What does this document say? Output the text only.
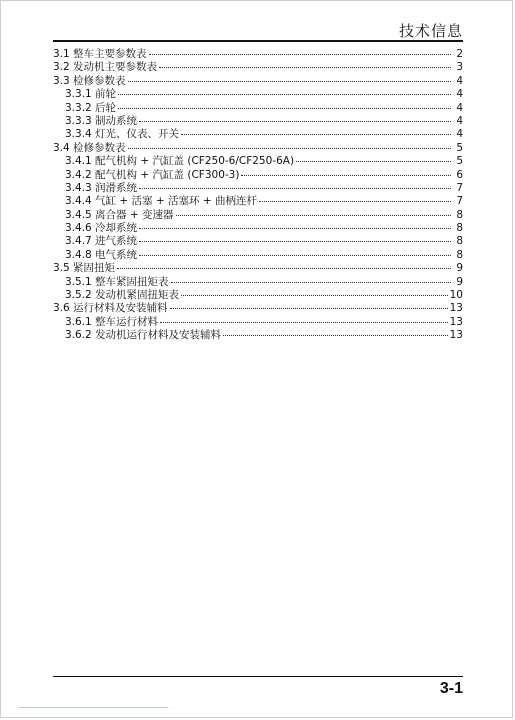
技术信息
3.1 整车主要参数表	2
3.2 发动机主要参数表	3
3.3 检修参数表	4
3.3.1 前轮	4
3.3.2 后轮	4
3.3.3 制动系统	4
3.3.4 灯光、仪表、开关	4
3.4 检修参数表	5
3.4.1 配气机构 + 汽缸盖 (CF250-6/CF250-6A)	5
3.4.2 配气机构 + 汽缸盖 (CF300-3)	6
3.4.3 润滑系统	7
3.4.4 气缸 + 活塞 + 活塞环 + 曲柄连杆	7
3.4.5 离合器 + 变速器	8
3.4.6 冷却系统	8
3.4.7 进气系统	8
3.4.8 电气系统	8
3.5 紧固扭矩	9
3.5.1 整车紧固扭矩表	9
3.5.2 发动机紧固扭矩表	10
3.6 运行材料及安装辅料	13
3.6.1 整车运行材料	13
3.6.2 发动机运行材料及安装辅料	13
3-1
